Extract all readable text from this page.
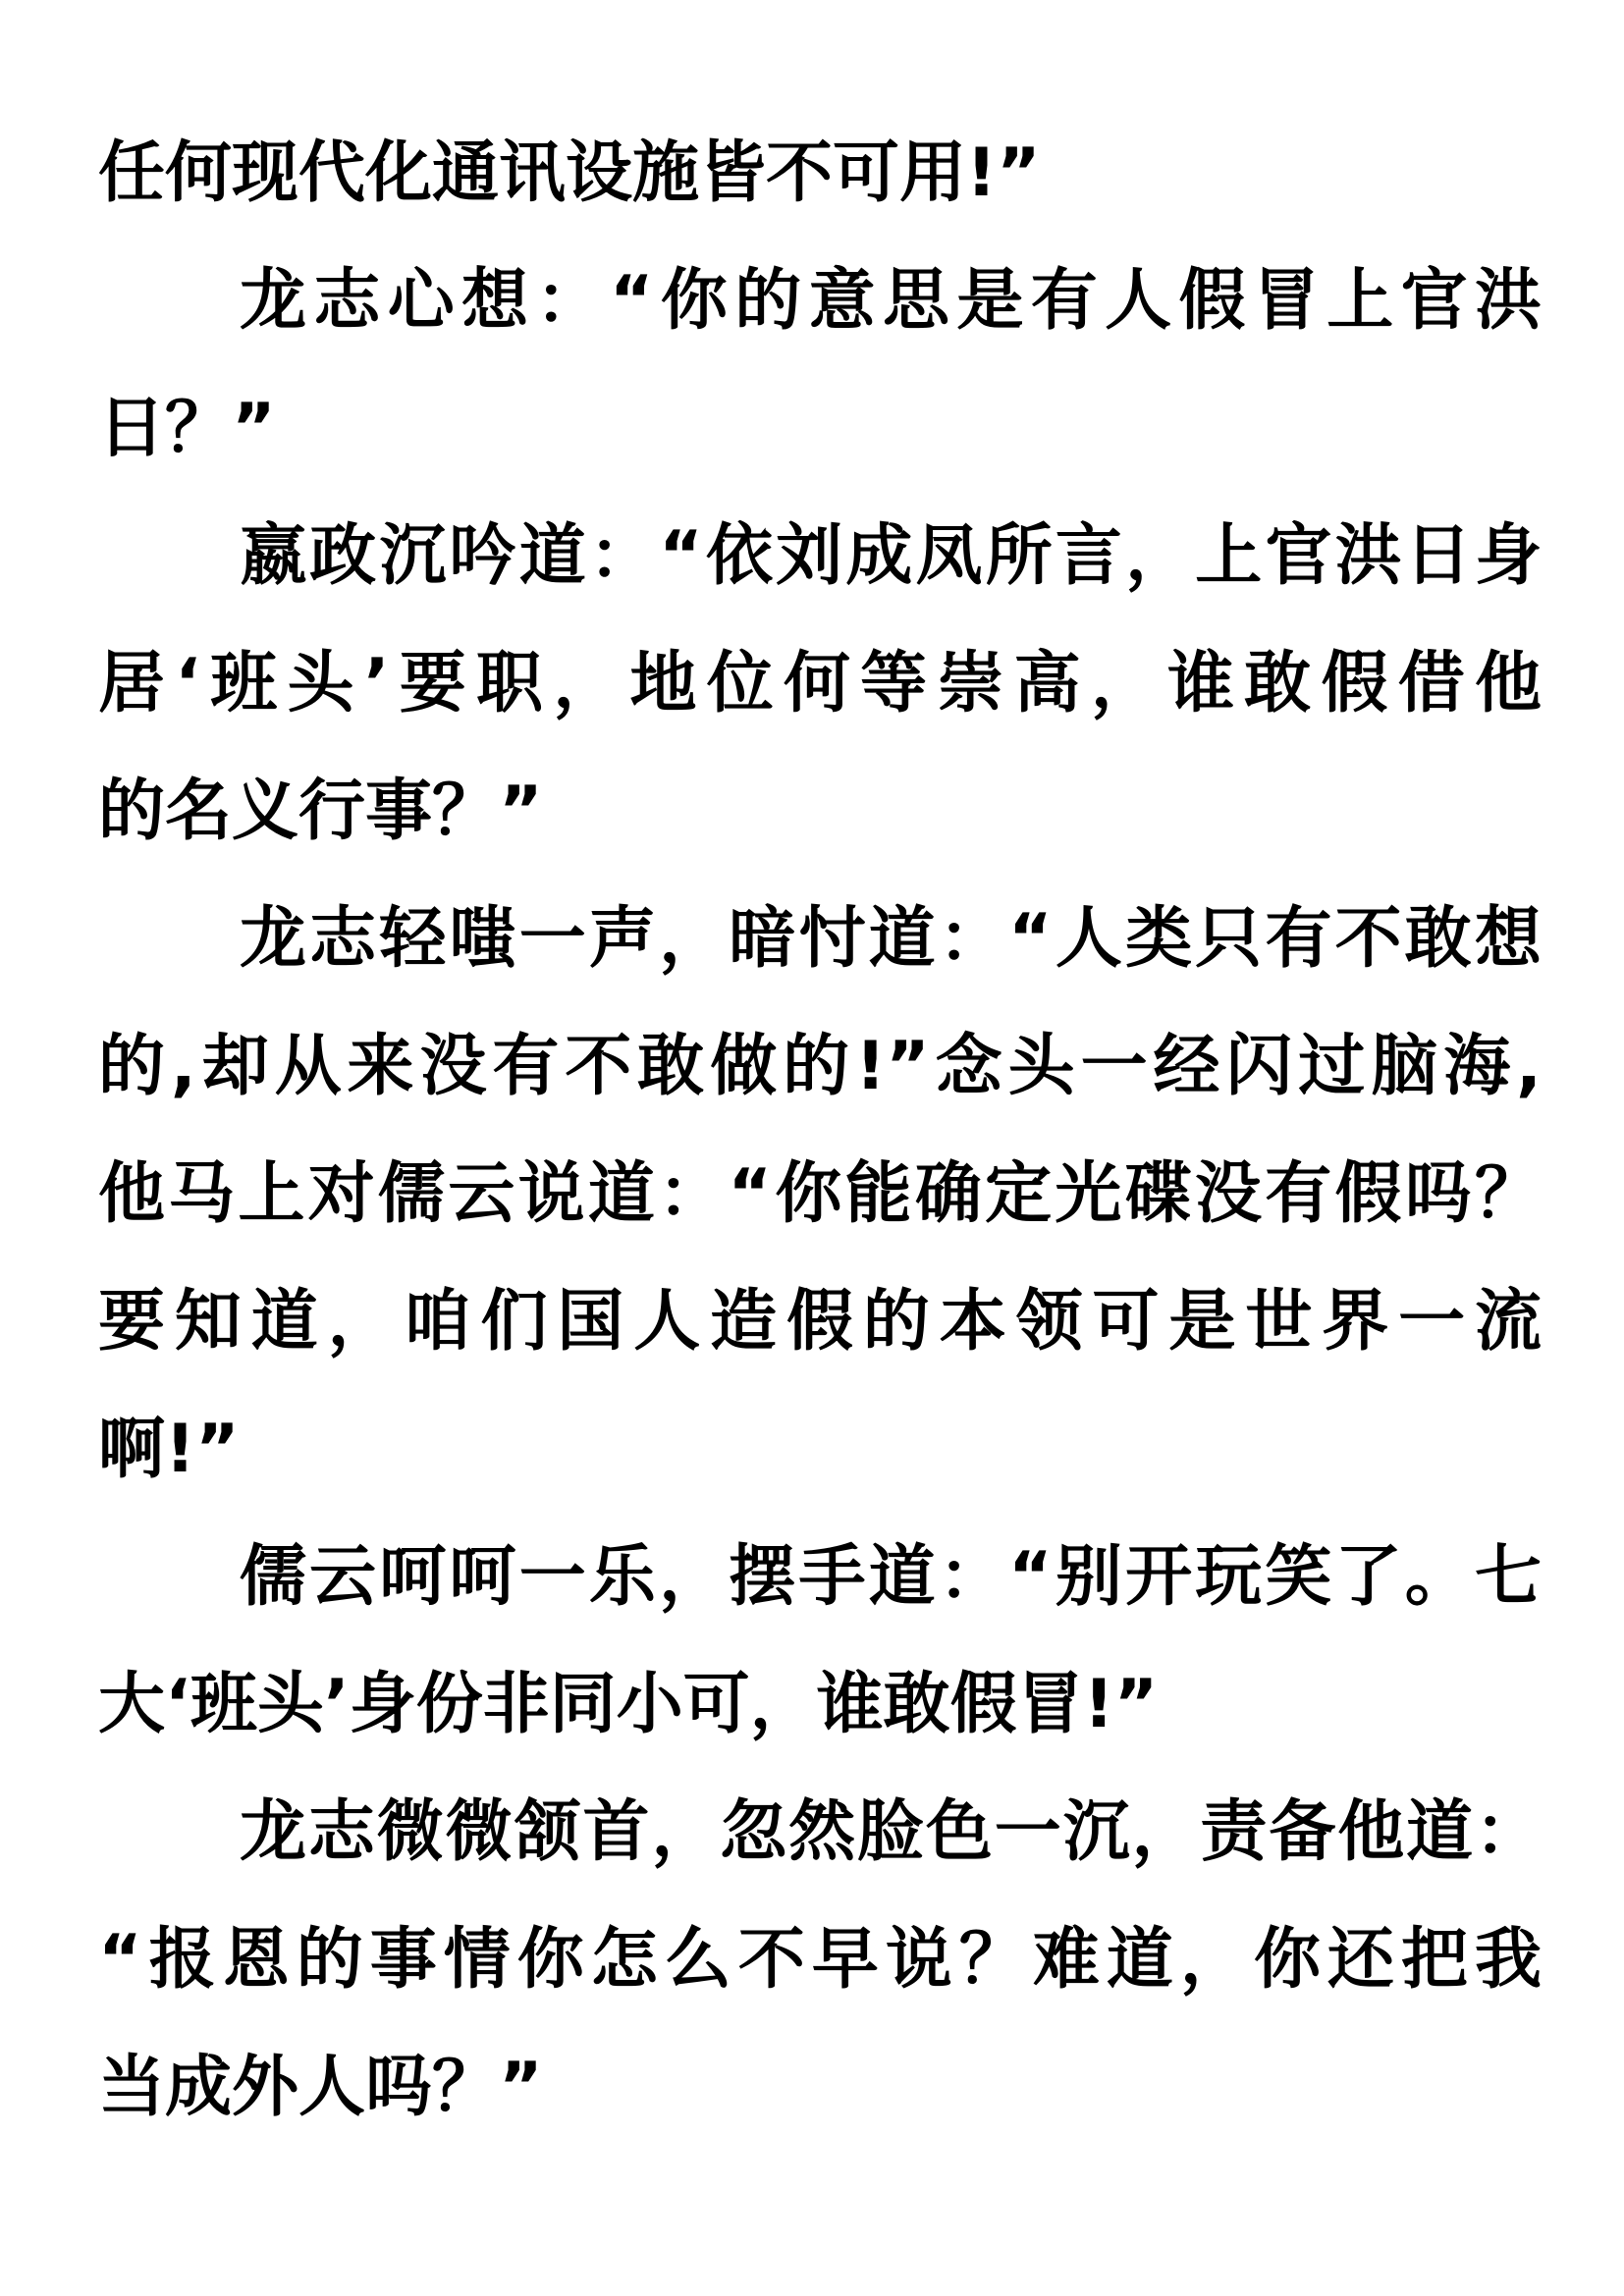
任何现代化通讯设施皆不可用!”
龙志心想：“你的意思是有人假冒上官洪
日？”
嬴政沉吟道：“依刘成凤所言，上官洪日身
居‘班头’要职，地位何等崇高，谁敢假借他
的名义行事？”
龙志轻嗤一声，暗忖道：“人类只有不敢想
的,却从来没有不敢做的!”念头一经闪过脑海,
他马上对儒云说道：“你能确定光碟没有假吗？
要知道，咱们国人造假的本领可是世界一流
啊!”
儒云呵呵一乐，摆手道：“别开玩笑了。七
大‘班头’身份非同小可，谁敢假冒!”
龙志微微颔首，忽然脸色一沉，责备他道：
“报恩的事情你怎么不早说？难道，你还把我
当成外人吗？”
